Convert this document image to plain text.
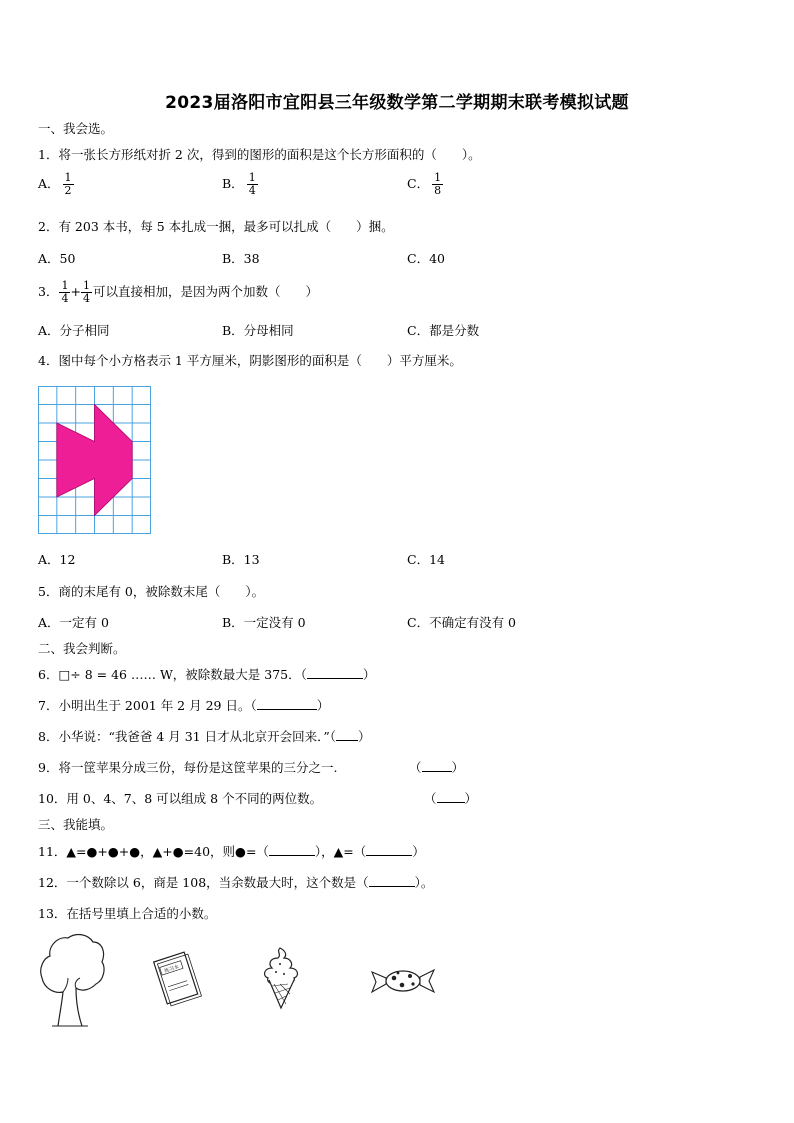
2023届洛阳市宜阳县三年级数学第二学期期末联考模拟试题
一、我会选。
1．将一张长方形纸对折 2 次，得到的图形的面积是这个长方形面积的（　　）。
A． $\frac{1}{2}$	B． $\frac{1}{4}$	C． $\frac{1}{8}$
2．有 203 本书，每 5 本扎成一捆，最多可以扎成（　　）捆。
A．50	B．38	C．40
3． $\frac{1}{4} + \frac{1}{4}$ 可以直接相加，是因为两个加数（　　）
A．分子相同	B．分母相同	C．都是分数
4．图中每个小方格表示 1 平方厘米，阴影图形的面积是（　　）平方厘米。
A．12	B．13	C．14
5．商的末尾有 0，被除数末尾（　　）。
A．一定有 0	B．一定没有 0	C．不确定有没有 0
二、我会判断。
6．□÷ 8 = 46 …… W，被除数最大是 375．（	）
7．小明出生于 2001 年 2 月 29 日。（	）
8．小华说：“我爸爸 4 月 31 日才从北京开会回来．”（ ）
9．将一筐苹果分成三份，每份是这筐苹果的三分之一.	（ ）
10．用 0、4、7、8 可以组成 8 个不同的两位数。	（ ）
三、我能填。
11．▲=●+●+●，▲+●=40，则●=（	），▲=（	）
12．一个数除以 6，商是 108，当余数最大时，这个数是（	）。
13．在括号里填上合适的小数。
练习本
